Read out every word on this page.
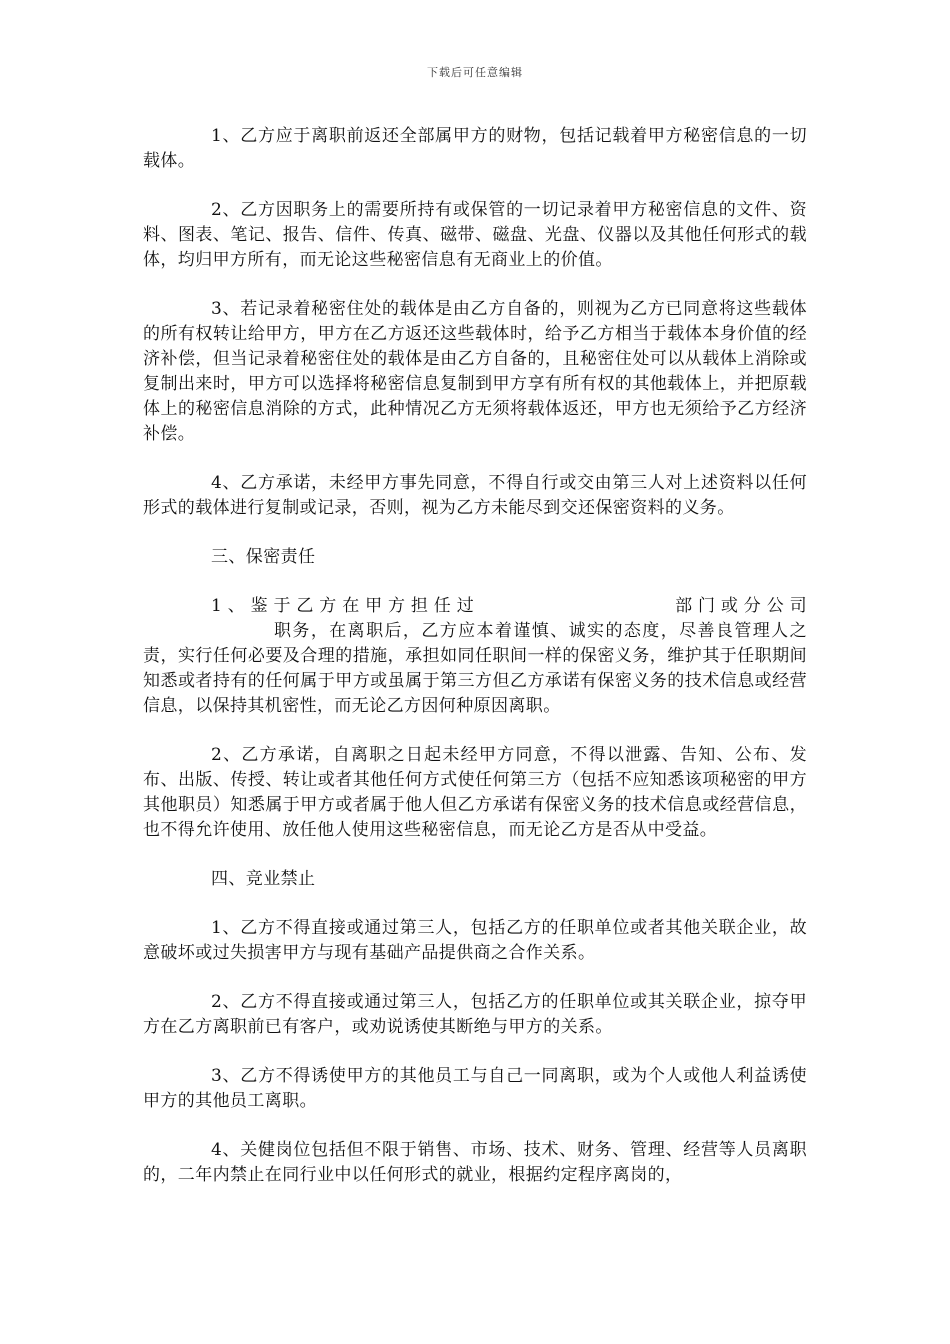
下载后可任意编辑

1、乙方应于离职前返还全部属甲方的财物，包括记载着甲方秘密信息的一切载体。

2、乙方因职务上的需要所持有或保管的一切记录着甲方秘密信息的文件、资料、图表、笔记、报告、信件、传真、磁带、磁盘、光盘、仪器以及其他任何形式的载体，均归甲方所有，而无论这些秘密信息有无商业上的价值。

3、若记录着秘密住处的载体是由乙方自备的，则视为乙方已同意将这些载体的所有权转让给甲方，甲方在乙方返还这些载体时，给予乙方相当于载体本身价值的经济补偿，但当记录着秘密住处的载体是由乙方自备的，且秘密住处可以从载体上消除或复制出来时，甲方可以选择将秘密信息复制到甲方享有所有权的其他载体上，并把原载体上的秘密信息消除的方式，此种情况乙方无须将载体返还，甲方也无须给予乙方经济补偿。

4、乙方承诺，未经甲方事先同意，不得自行或交由第三人对上述资料以任何形式的载体进行复制或记录，否则，视为乙方未能尽到交还保密资料的义务。

三、保密责任

1、鉴于乙方在甲方担任过	部门或分公司职务，在离职后，乙方应本着谨慎、诚实的态度，尽善良管理人之责，实行任何必要及合理的措施，承担如同任职间一样的保密义务，维护其于任职期间知悉或者持有的任何属于甲方或虽属于第三方但乙方承诺有保密义务的技术信息或经营信息，以保持其机密性，而无论乙方因何种原因离职。

2、乙方承诺，自离职之日起未经甲方同意，不得以泄露、告知、公布、发布、出版、传授、转让或者其他任何方式使任何第三方（包括不应知悉该项秘密的甲方其他职员）知悉属于甲方或者属于他人但乙方承诺有保密义务的技术信息或经营信息，也不得允许使用、放任他人使用这些秘密信息，而无论乙方是否从中受益。

四、竞业禁止

1、乙方不得直接或通过第三人，包括乙方的任职单位或者其他关联企业，故意破坏或过失损害甲方与现有基础产品提供商之合作关系。

2、乙方不得直接或通过第三人，包括乙方的任职单位或其关联企业，掠夺甲方在乙方离职前已有客户，或劝说诱使其断绝与甲方的关系。

3、乙方不得诱使甲方的其他员工与自己一同离职，或为个人或他人利益诱使甲方的其他员工离职。

4、关健岗位包括但不限于销售、市场、技术、财务、管理、经营等人员离职的，二年内禁止在同行业中以任何形式的就业，根据约定程序离岗的，
